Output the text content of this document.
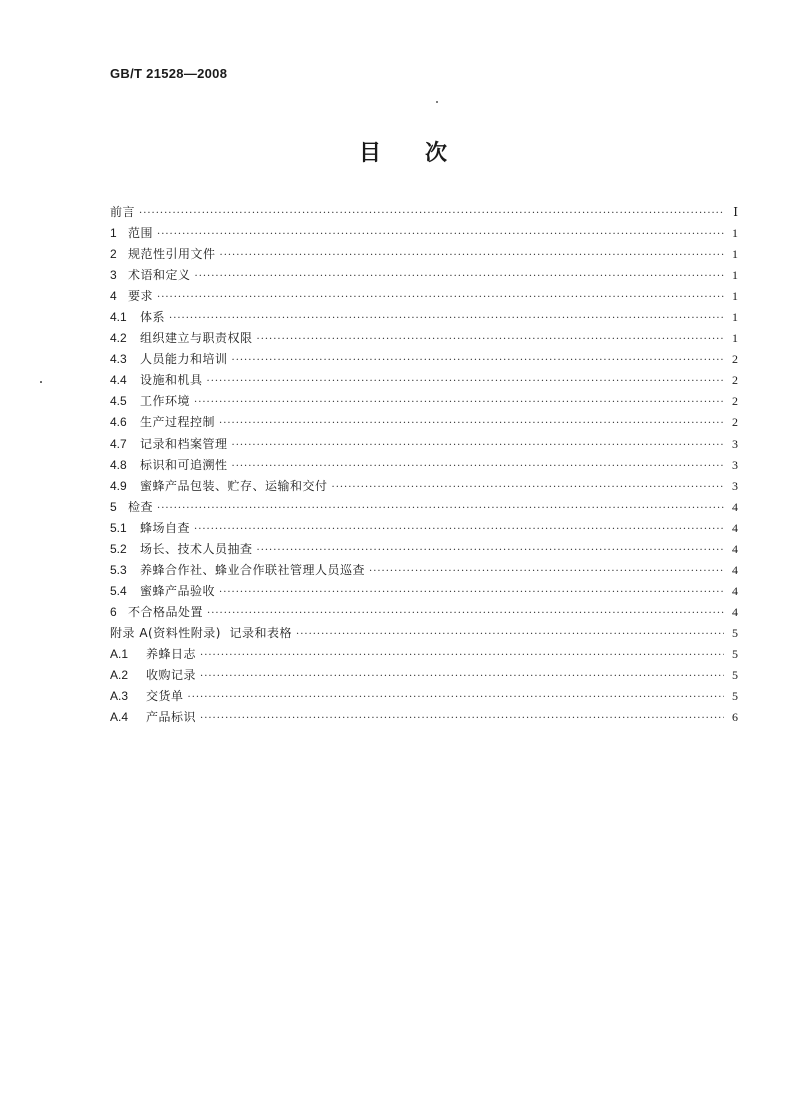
GB/T 21528—2008
目 次
前言 ·····	Ⅰ
1 范围 ·····	1
2 规范性引用文件 ·····	1
3 术语和定义 ·····	1
4 要求 ·····	1
4.1	体系 ·····	1
4.2	组织建立与职责权限 ·····	1
4.3	人员能力和培训 ·····	2
4.4	设施和机具 ·····	2
4.5	工作环境 ·····	2
4.6	生产过程控制 ·····	2
4.7	记录和档案管理 ·····	3
4.8	标识和可追溯性 ·····	3
4.9	蜜蜂产品包装、贮存、运输和交付 ·····	3
5 检查 ·····	4
5.1	蜂场自查 ·····	4
5.2	场长、技术人员抽查 ·····	4
5.3	养蜂合作社、蜂业合作联社管理人员巡查 ·····	4
5.4	蜜蜂产品验收 ·····	4
6 不合格品处置 ·····	4
附录 A(资料性附录)  记录和表格 ·····	5
A.1	养蜂日志 ·····	5
A.2	收购记录 ·····	5
A.3	交货单 ·····	5
A.4	产品标识 ·····	6
